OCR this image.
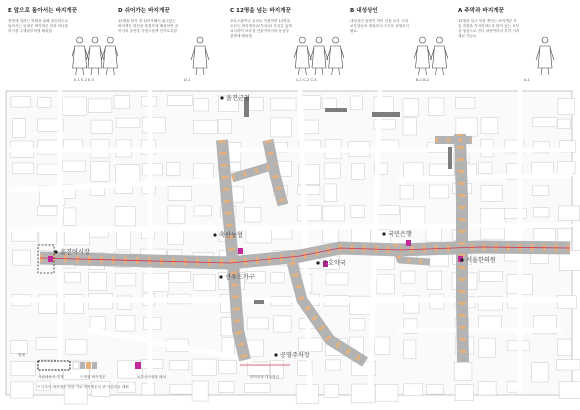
E 앞으로 돌아서는 바지게꾼
전망에 걸려는 역할을 위해 골인의도로 돌아서는 동네꾼 바지게꾼 안과 아나를 아시장 주재광부착에 배치함
E-1 E-2 E-3
D 쉬어가는 바지게꾼
12명을 남기 전 쉬어가해서 쉬고있는 바지게꾼 화선을 풍경부에 배치하여 골목가리 골선을 가연스럽게 인지토록함
D-1
C 12명을 넘는 바지게꾼
포토스팟이나 골선로 이용하여 12명을 오르는 바지게꾼(보부상)의 사실감 있게 묘사하여 보부상 인물이야기의 동상부 광장에 배치함
C-1 C-2 C-3
B 내성상인
내성상인 물양이 아이 인물 묘사 시대 보부상들의 재복과 도구모음 상세묘사 필요.
B-1 B-2
A 주막과 바지게꾼
12명을 넘고 목을 축이는 바지게꾼 모습 전원을 가지런하도록 많이 있는 보부상 형상으로 전다 대중이미지 부각 시켜계로 가능토
A-1
울진군청
울진어시장
축산농협	국민은행
서울한의원
선우드가구
종호약국
공영주차장
범례
사업대상지 경계	도색형 바지게꾼	보부상조형물 배치	바닥포장 대상범위
* 디자인 바지게꾼 연관 가로 바지게꾼의 중 사업지로 계획
